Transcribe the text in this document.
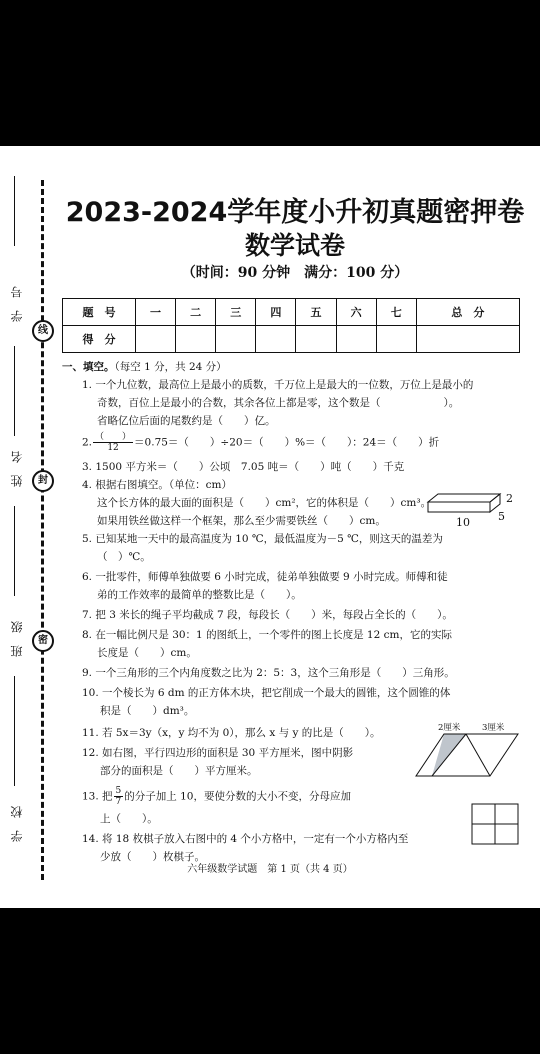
学　号
姓　名
班　级
学　校
线
封
密
2023-2024学年度小升初真题密押卷
数学试卷
（时间：90 分钟　满分：100 分）
题　号	一	二	三	四	五	六	七	总　分
得　分								
一、填空。（每空 1 分，共 24 分）
1. 一个九位数，最高位上是最小的质数，千万位上是最大的一位数，万位上是最小的
奇数，百位上是最小的合数，其余各位上都是零，这个数是（　　　　　　）。
省略亿位后面的尾数约是（　　）亿。
2. $\frac{( )}{12} =0.75=$（　　）÷20＝（　　）%＝（　　）：24＝（　　）折
3. 1500 平方米＝（　　）公顷　7.05 吨＝（　　）吨（　　）千克
4. 根据右图填空。（单位：cm）
这个长方体的最大面的面积是（　　）cm²，它的体积是（　　）cm³。
如果用铁丝做这样一个框架，那么至少需要铁丝（　　）cm。
2
5
10
5. 已知某地一天中的最高温度为 10 ℃，最低温度为－5 ℃，则这天的温差为
（　）℃。
6. 一批零件，师傅单独做要 6 小时完成，徒弟单独做要 9 小时完成。师傅和徒
弟的工作效率的最简单的整数比是（　　）。
7. 把 3 米长的绳子平均截成 7 段，每段长（　　）米，每段占全长的（　　）。
8. 在一幅比例尺是 30：1 的图纸上，一个零件的图上长度是 12 cm，它的实际
长度是（　　）cm。
9. 一个三角形的三个内角度数之比为 2：5：3，这个三角形是（　　）三角形。
10. 一个棱长为 6 dm 的正方体木块，把它削成一个最大的圆锥，这个圆锥的体
积是（　　）dm³。
11. 若 5x＝3y（x，y 均不为 0），那么 x 与 y 的比是（　　）。
12. 如右图，平行四边形的面积是 30 平方厘米，图中阴影
部分的面积是（　　）平方厘米。
2厘米	3厘米
13. 把 $\frac{5}{7}$ 的分子加上 10，要使分数的大小不变，分母应加
上（　　）。
14. 将 18 枚棋子放入右图中的 4 个小方格中，一定有一个小方格内至
少放（　　）枚棋子。
六年级数学试题　第 1 页（共 4 页）
